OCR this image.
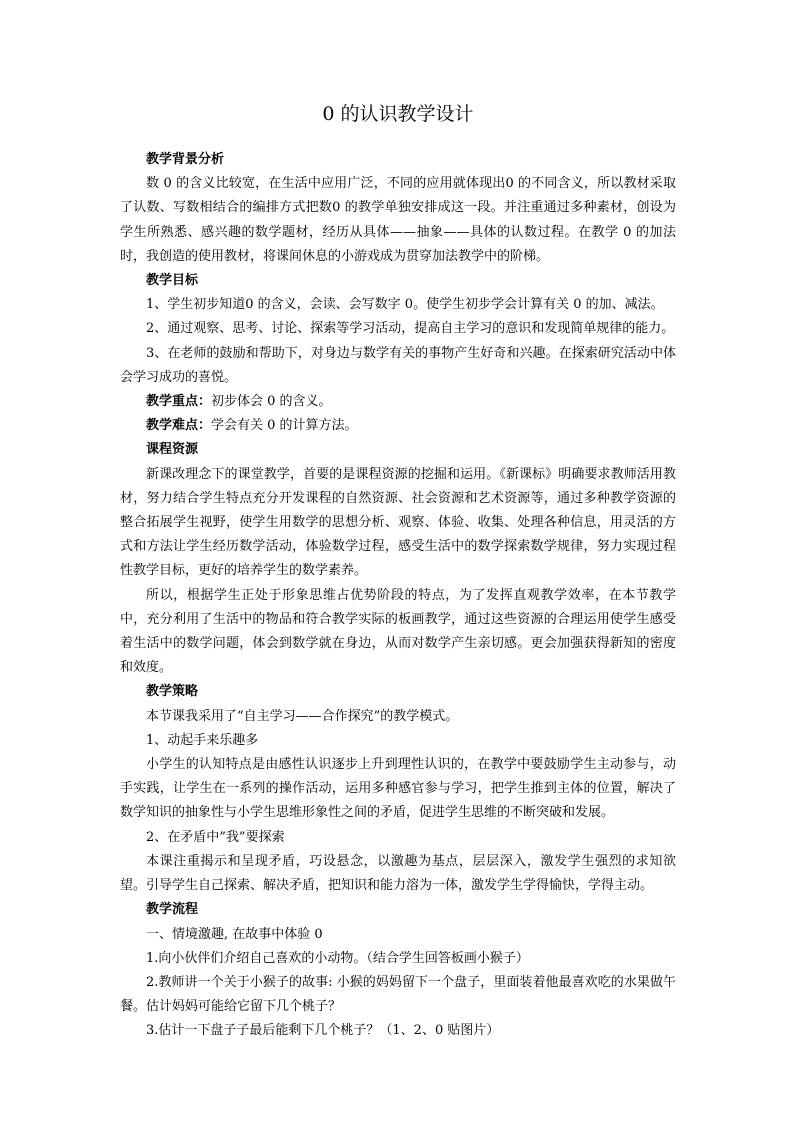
0 的认识教学设计

教学背景分析

数 0 的含义比较宽，在生活中应用广泛，不同的应用就体现出0 的不同含义，所以教材采取了认数、写数相结合的编排方式把数0 的教学单独安排成这一段。并注重通过多种素材，创设为学生所熟悉、感兴趣的数学题材，经历从具体——抽象——具体的认数过程。在教学 0 的加法时，我创造的使用教材，将课间休息的小游戏成为贯穿加法教学中的阶梯。

教学目标

1、学生初步知道0 的含义，会读、会写数字 0。使学生初步学会计算有关 0 的加、减法。

2、通过观察、思考、讨论、探索等学习活动，提高自主学习的意识和发现简单规律的能力。

3、在老师的鼓励和帮助下，对身边与数学有关的事物产生好奇和兴趣。在探索研究活动中体会学习成功的喜悦。

教学重点：初步体会 0 的含义。

教学难点：学会有关 0 的计算方法。

课程资源

新课改理念下的课堂教学，首要的是课程资源的挖掘和运用。《新课标》明确要求教师活用教材，努力结合学生特点充分开发课程的自然资源、社会资源和艺术资源等，通过多种教学资源的整合拓展学生视野，使学生用数学的思想分析、观察、体验、收集、处理各种信息，用灵活的方式和方法让学生经历数学活动，体验数学过程，感受生活中的数学探索数学规律，努力实现过程性教学目标，更好的培养学生的数学素养。

所以，根据学生正处于形象思维占优势阶段的特点，为了发挥直观教学效率，在本节教学中，充分利用了生活中的物品和符合教学实际的板画教学，通过这些资源的合理运用使学生感受着生活中的数学问题，体会到数学就在身边，从而对数学产生亲切感。更会加强获得新知的密度和效度。

教学策略

本节课我采用了“自主学习——合作探究”的教学模式。

1、动起手来乐趣多

小学生的认知特点是由感性认识逐步上升到理性认识的，在教学中要鼓励学生主动参与，动手实践，让学生在一系列的操作活动，运用多种感官参与学习，把学生推到主体的位置，解决了数学知识的抽象性与小学生思维形象性之间的矛盾，促进学生思维的不断突破和发展。

2、在矛盾中”我”要探索

本课注重揭示和呈现矛盾，巧设悬念，以激趣为基点，层层深入，激发学生强烈的求知欲望。引导学生自己探索、解决矛盾，把知识和能力溶为一体，激发学生学得愉快，学得主动。

教学流程

一、情境激趣, 在故事中体验 0

1.向小伙伴们介绍自己喜欢的小动物。（结合学生回答板画小猴子）

2.教师讲一个关于小猴子的故事: 小猴的妈妈留下一个盘子，里面装着他最喜欢吃的水果做午餐。估计妈妈可能给它留下几个桃子？

3.估计一下盘子子最后能剩下几个桃子？（1、2、0 贴图片）
